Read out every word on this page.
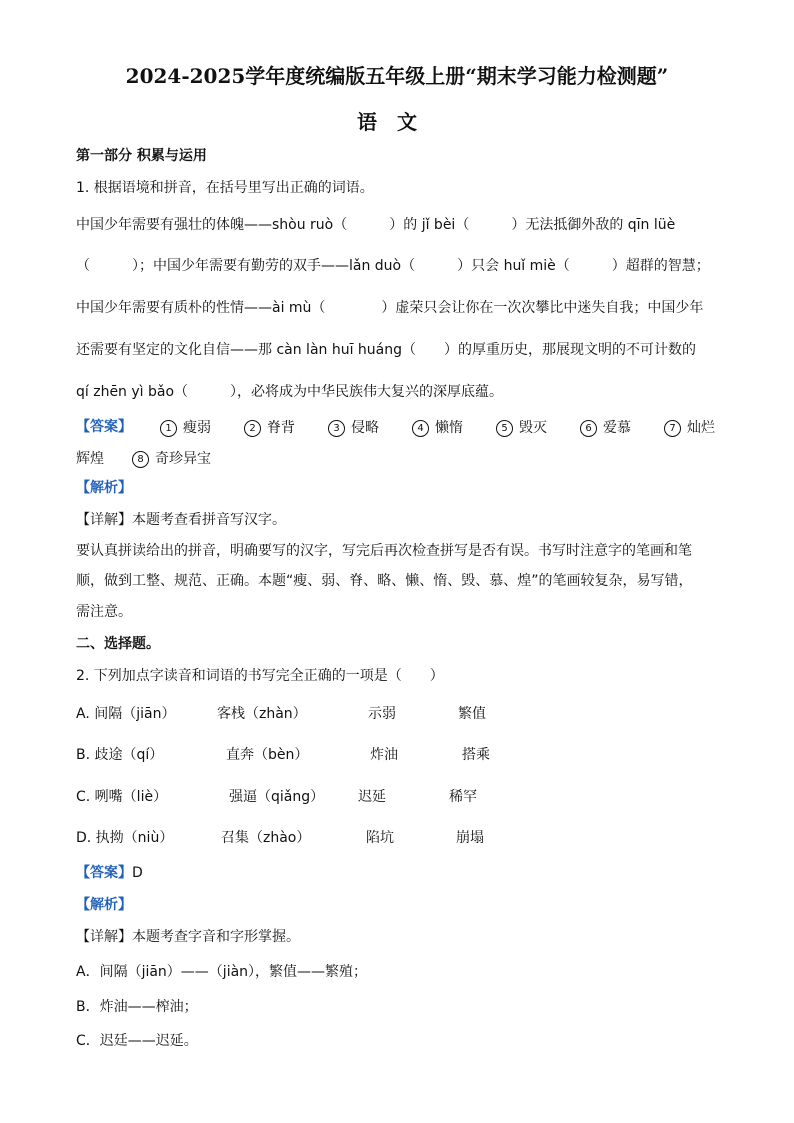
2024-2025学年度统编版五年级上册“期末学习能力检测题”
语文
第一部分 积累与运用
1. 根据语境和拼音，在括号里写出正确的词语。
中国少年需要有强壮的体魄——shòu ruò（　　　）的 jǐ bèi（　　　）无法抵御外敌的 qīn lüè
（　　　）；中国少年需要有勤劳的双手——lǎn duò（　　　）只会 huǐ miè（　　　）超群的智慧；
中国少年需要有质朴的性情——ài mù（　　　　）虚荣只会让你在一次次攀比中迷失自我；中国少年
还需要有坚定的文化自信——那 càn làn huī huáng（　　）的厚重历史，那展现文明的不可计数的
qí zhēn yì bǎo（　　　），必将成为中华民族伟大复兴的深厚底蕴。
【答案】	1 瘦弱	2 脊背	3 侵略	4 懒惰	5 毁灭	6 爱慕	7 灿烂
辉煌	8 奇珍异宝
【解析】
【详解】本题考查看拼音写汉字。
要认真拼读给出的拼音，明确要写的汉字，写完后再次检查拼写是否有误。书写时注意字的笔画和笔
顺，做到工整、规范、正确。本题“瘦、弱、脊、略、懒、惰、毁、慕、煌”的笔画较复杂，易写错，
需注意。
二、选择题。
2. 下列加点字读音和词语的书写完全正确的一项是（　　）
A. 间隔（jiān）	客栈（zhàn）	示弱	繁值
B. 歧途（qí）	直奔（bèn）	炸油	搭乘
C. 咧嘴（liè）	强逼（qiǎng） 迟延	稀罕
D. 执拗（niù）	召集（zhào）	陷坑	崩塌
【答案】D
【解析】
【详解】本题考查字音和字形掌握。
A．间隔（jiān）——（jiàn），繁值——繁殖；
B．炸油——榨油；
C．迟廷——迟延。
